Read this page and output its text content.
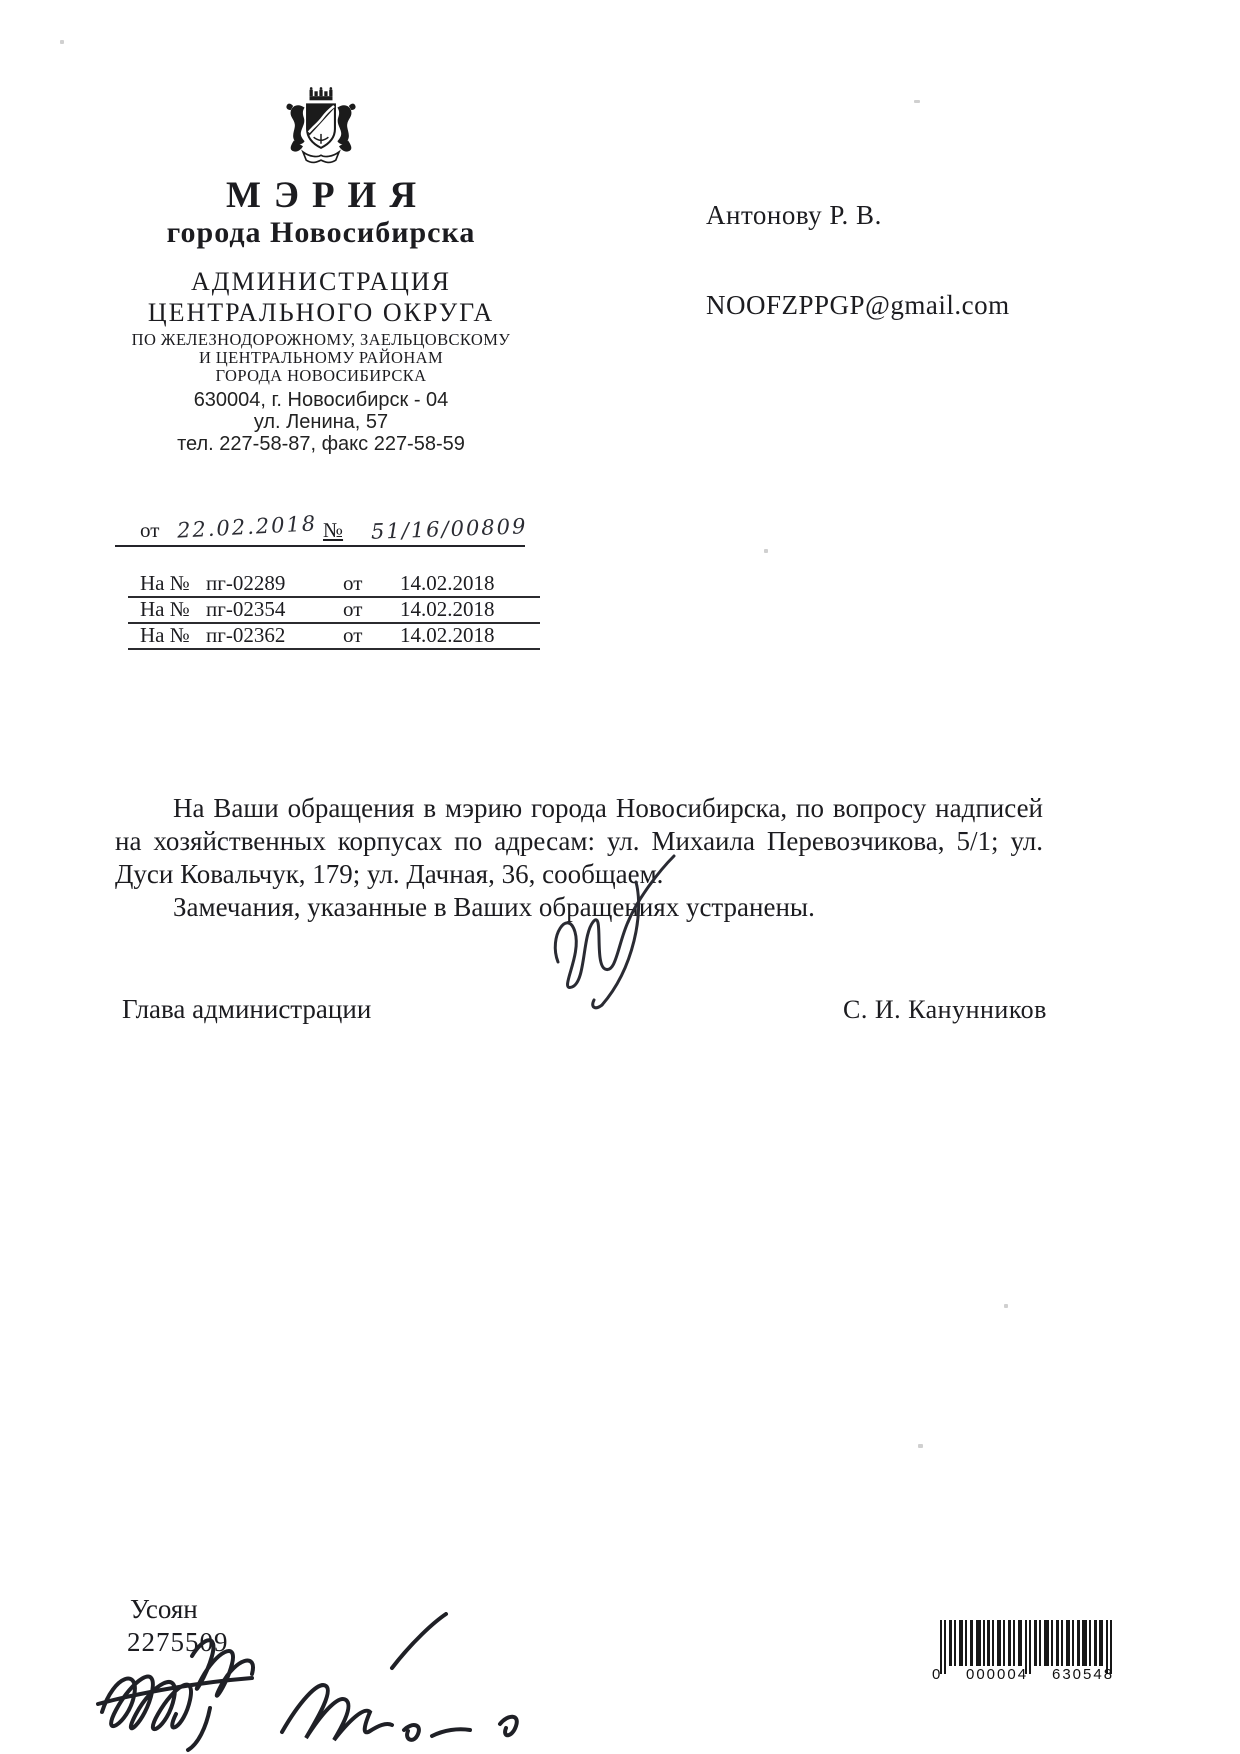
МЭРИЯ
города Новосибирска
АДМИНИСТРАЦИЯ
ЦЕНТРАЛЬНОГО ОКРУГА
ПО ЖЕЛЕЗНОДОРОЖНОМУ, ЗАЕЛЬЦОВСКОМУ
И ЦЕНТРАЛЬНОМУ РАЙОНАМ
ГОРОДА НОВОСИБИРСКА
630004, г. Новосибирск - 04
ул. Ленина, 57
тел. 227-58-87, факс 227-58-59
от 22.02.2018 № 51/16/00809
На № пг-02289	от 14.02.2018
На № пг-02354	от 14.02.2018
На № пг-02362	от 14.02.2018
Антонову Р. В.
NOOFZPPGP@gmail.com

На Ваши обращения в мэрию города Новосибирска, по вопросу надписей на хозяйственных корпусах по адресам: ул. Михаила Перевозчикова, 5/1; ул. Дуси Ковальчук, 179; ул. Дачная, 36, сообщаем.

Замечания, указанные в Ваших обращениях устранены.

Глава администрации	С. И. Канунников
Усоян
2275509
0 000004 630548
